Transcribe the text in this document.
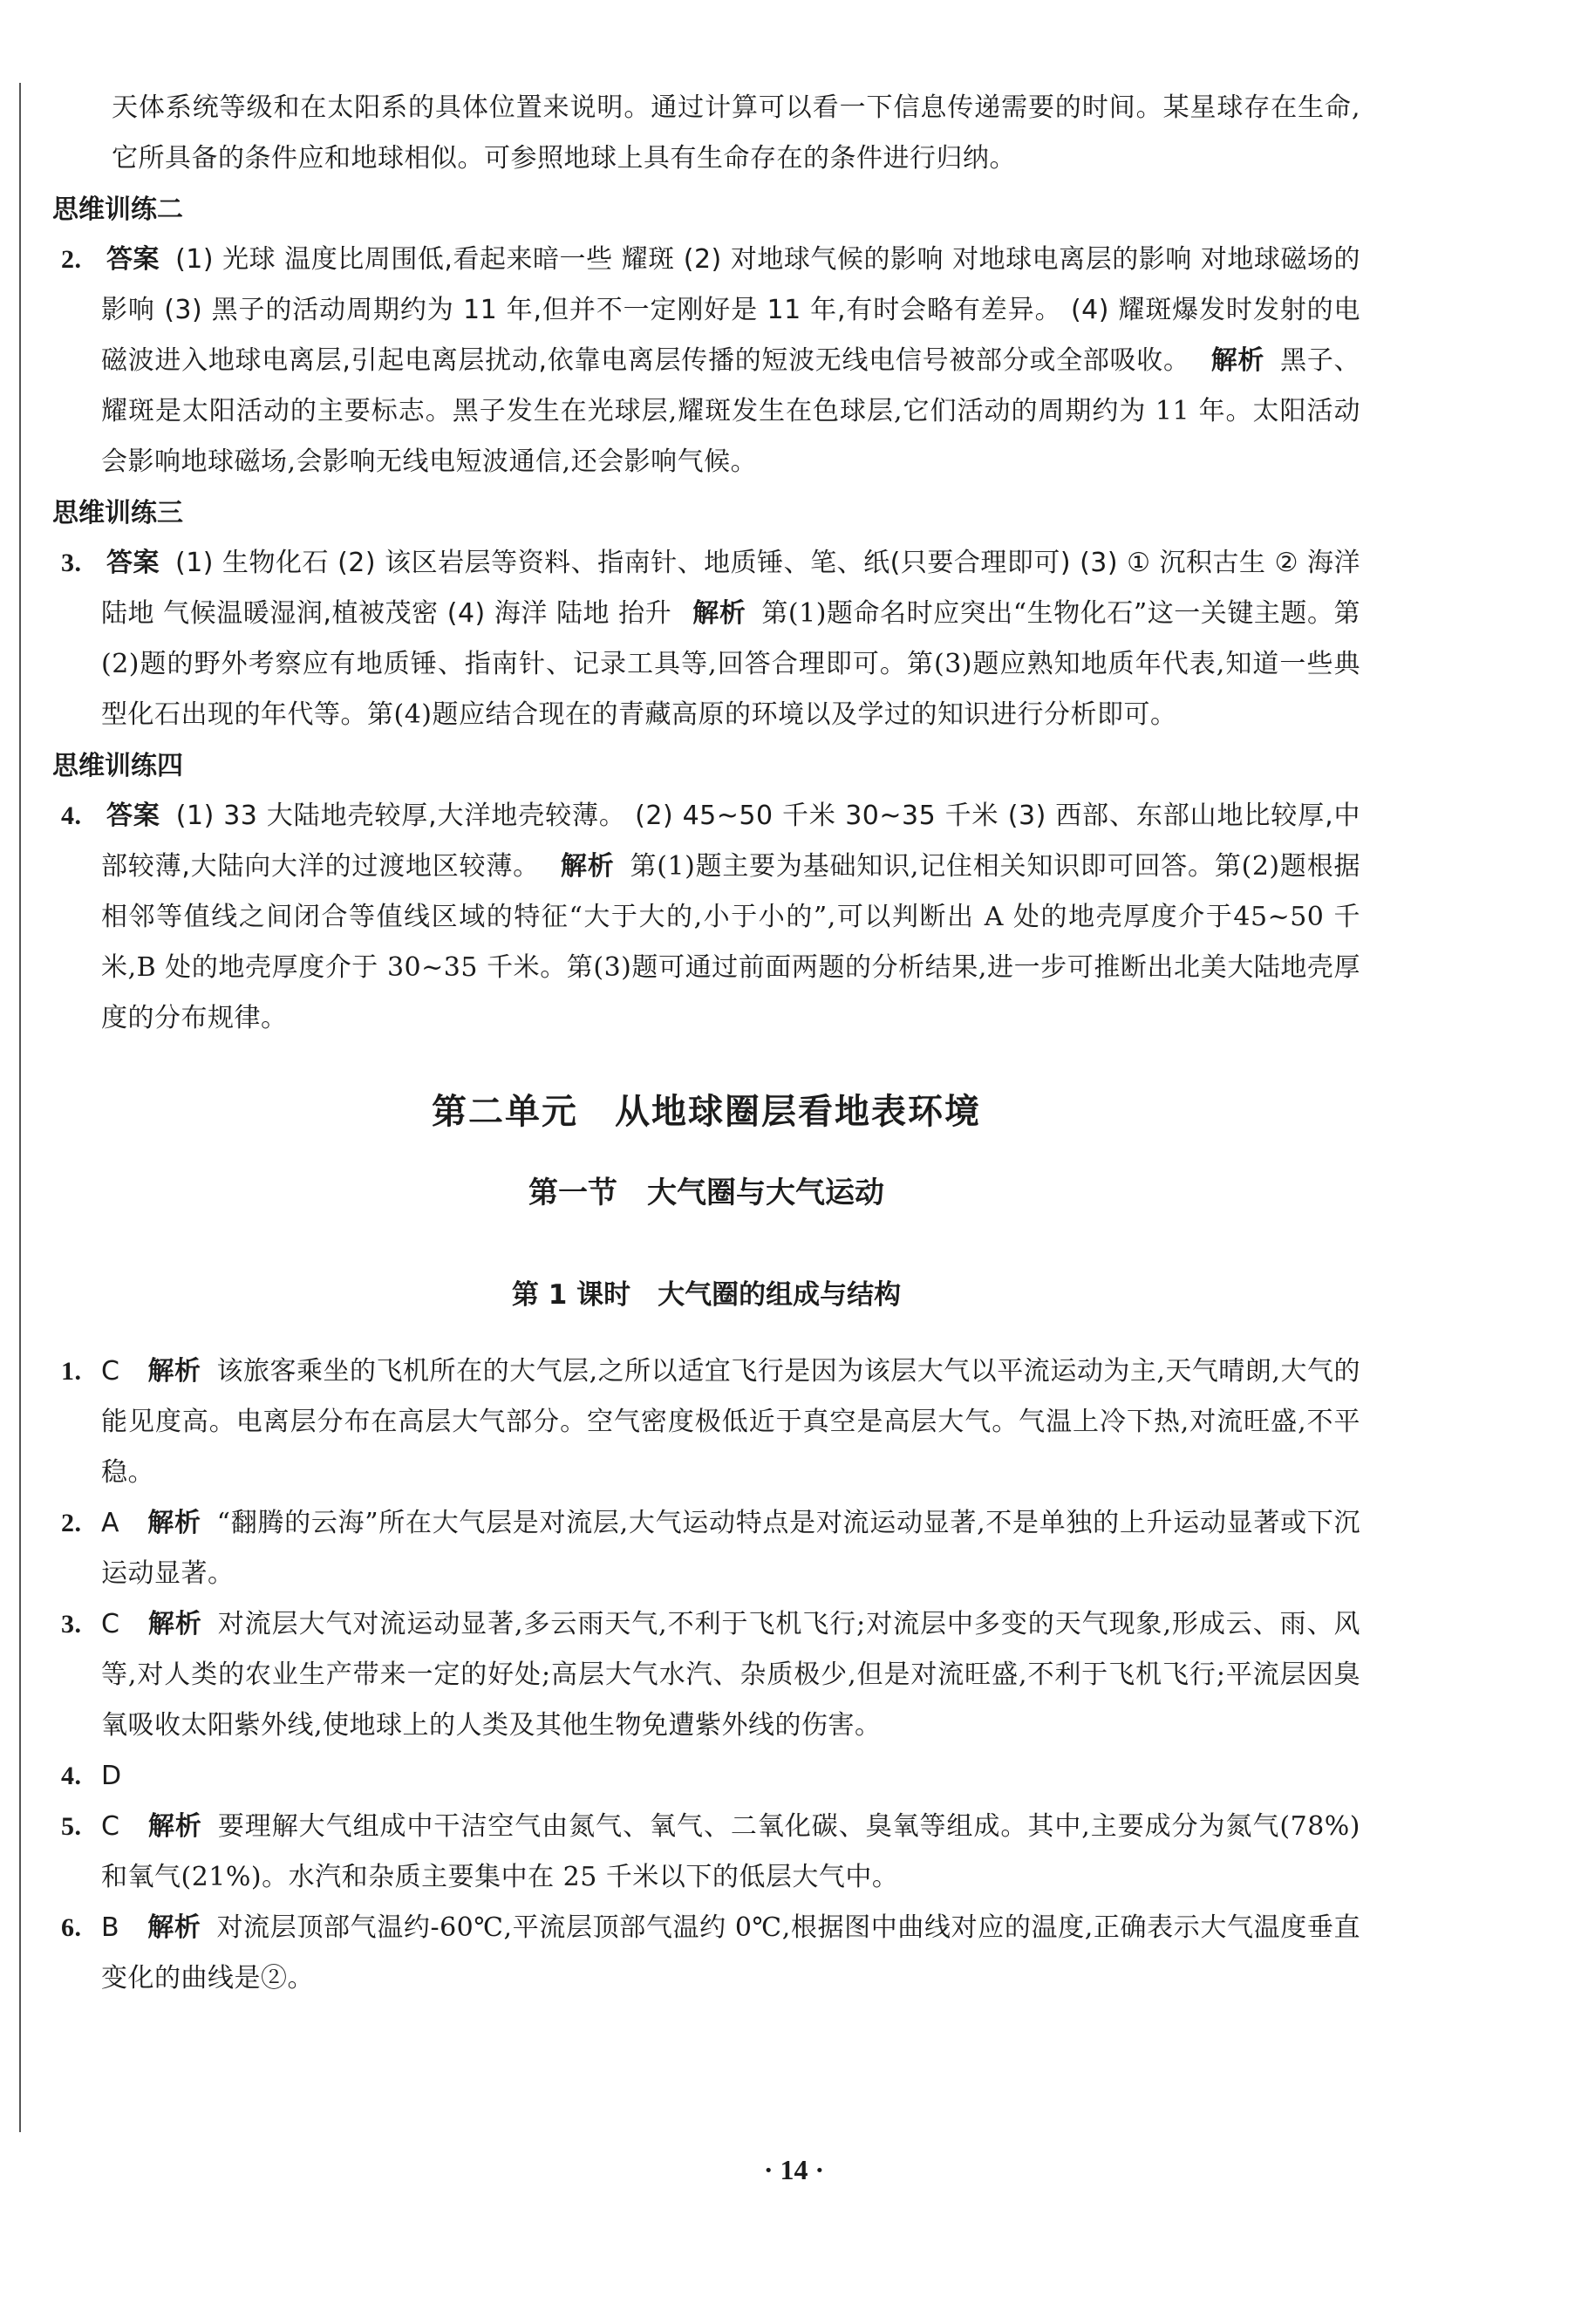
天体系统等级和在太阳系的具体位置来说明。通过计算可以看一下信息传递需要的时间。某星球存在生命,它所具备的条件应和地球相似。可参照地球上具有生命存在的条件进行归纳。

思维训练二
2. 答案 (1) 光球 温度比周围低,看起来暗一些 耀斑 (2) 对地球气候的影响 对地球电离层的影响 对地球磁场的影响 (3) 黑子的活动周期约为 11 年,但并不一定刚好是 11 年,有时会略有差异。 (4) 耀斑爆发时发射的电磁波进入地球电离层,引起电离层扰动,依靠电离层传播的短波无线电信号被部分或全部吸收。 解析 黑子、耀斑是太阳活动的主要标志。黑子发生在光球层,耀斑发生在色球层,它们活动的周期约为 11 年。太阳活动会影响地球磁场,会影响无线电短波通信,还会影响气候。
思维训练三
3. 答案 (1) 生物化石 (2) 该区岩层等资料、指南针、地质锤、笔、纸(只要合理即可) (3) ① 沉积古生 ② 海洋 陆地 气候温暖湿润,植被茂密 (4) 海洋 陆地 抬升 解析 第(1)题命名时应突出“生物化石”这一关键主题。第(2)题的野外考察应有地质锤、指南针、记录工具等,回答合理即可。第(3)题应熟知地质年代表,知道一些典型化石出现的年代等。第(4)题应结合现在的青藏高原的环境以及学过的知识进行分析即可。
思维训练四
4. 答案 (1) 33 大陆地壳较厚,大洋地壳较薄。 (2) 45~50 千米 30~35 千米 (3) 西部、东部山地比较厚,中部较薄,大陆向大洋的过渡地区较薄。 解析 第(1)题主要为基础知识,记住相关知识即可回答。第(2)题根据相邻等值线之间闭合等值线区域的特征“大于大的,小于小的”,可以判断出 A 处的地壳厚度介于45~50 千米,B 处的地壳厚度介于 30~35 千米。第(3)题可通过前面两题的分析结果,进一步可推断出北美大陆地壳厚度的分布规律。
第二单元　从地球圈层看地表环境
第一节　大气圈与大气运动
第 1 课时　大气圈的组成与结构
1. C 解析 该旅客乘坐的飞机所在的大气层,之所以适宜飞行是因为该层大气以平流运动为主,天气晴朗,大气的能见度高。电离层分布在高层大气部分。空气密度极低近于真空是高层大气。气温上冷下热,对流旺盛,不平稳。
2. A 解析 “翻腾的云海”所在大气层是对流层,大气运动特点是对流运动显著,不是单独的上升运动显著或下沉运动显著。
3. C 解析 对流层大气对流运动显著,多云雨天气,不利于飞机飞行;对流层中多变的天气现象,形成云、雨、风等,对人类的农业生产带来一定的好处;高层大气水汽、杂质极少,但是对流旺盛,不利于飞机飞行;平流层因臭氧吸收太阳紫外线,使地球上的人类及其他生物免遭紫外线的伤害。
4. D
5. C 解析 要理解大气组成中干洁空气由氮气、氧气、二氧化碳、臭氧等组成。其中,主要成分为氮气(78%)和氧气(21%)。水汽和杂质主要集中在 25 千米以下的低层大气中。
6. B 解析 对流层顶部气温约-60℃,平流层顶部气温约 0℃,根据图中曲线对应的温度,正确表示大气温度垂直变化的曲线是②。
· 14 ·
